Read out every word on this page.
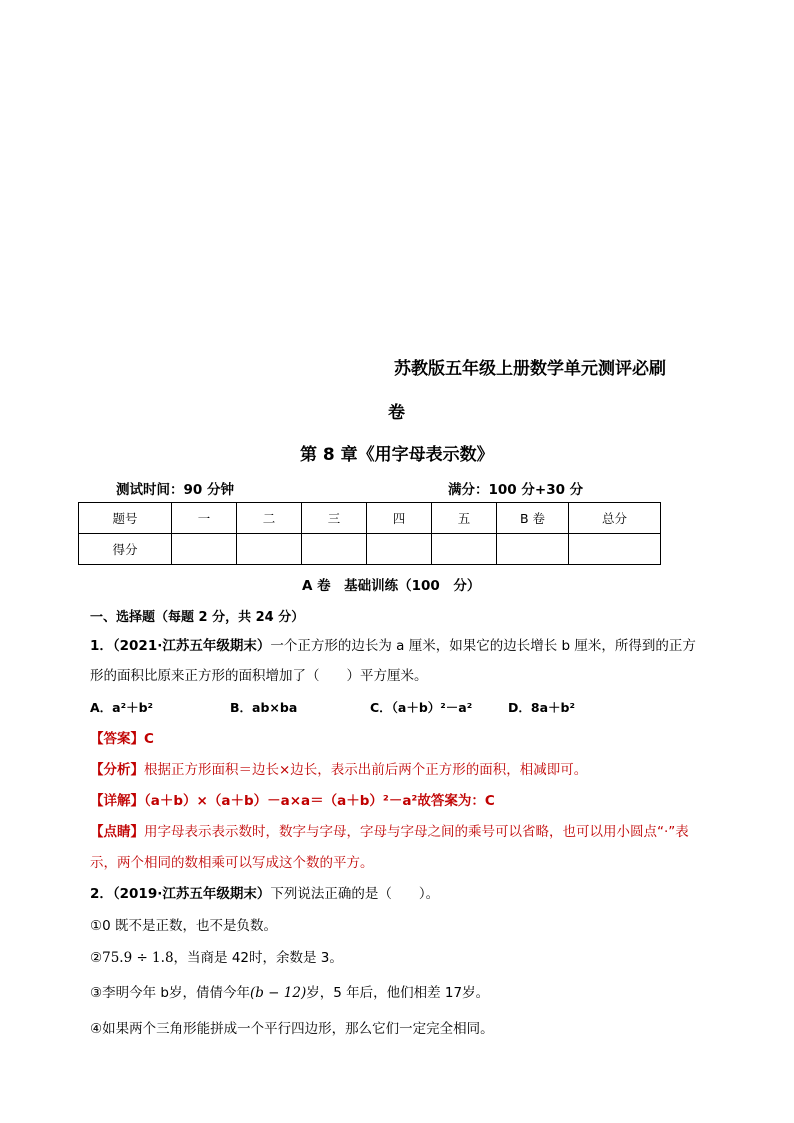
苏教版五年级上册数学单元测评必刷
卷
第 8 章《用字母表示数》
测试时间：90 分钟	满分：100 分+30 分
题号	一	二	三	四	五	B 卷	总分
得分							
A 卷　基础训练（100　分）
一、选择题（每题 2 分，共 24 分）
1．（2021·江苏五年级期末）一个正方形的边长为 a 厘米，如果它的边长增长 b 厘米，所得到的正方
形的面积比原来正方形的面积增加了（　　）平方厘米。
A．a²＋b²	B．ab×ba	C．（a＋b）²－a²	D．8a＋b²
【答案】C
【分析】根据正方形面积＝边长×边长，表示出前后两个正方形的面积，相减即可。
【详解】（a＋b）×（a＋b）－a×a＝（a＋b）²－a²故答案为：C
【点睛】用字母表示表示数时，数字与字母，字母与字母之间的乘号可以省略，也可以用小圆点“·”表
示，两个相同的数相乘可以写成这个数的平方。
2．（2019·江苏五年级期末）下列说法正确的是（　　）。
①0 既不是正数，也不是负数。
②75.9 ÷ 1.8，当商是 42时，余数是 3。
③李明今年 b岁，倩倩今年(b − 12)岁，5 年后，他们相差 17岁。
④如果两个三角形能拼成一个平行四边形，那么它们一定完全相同。
